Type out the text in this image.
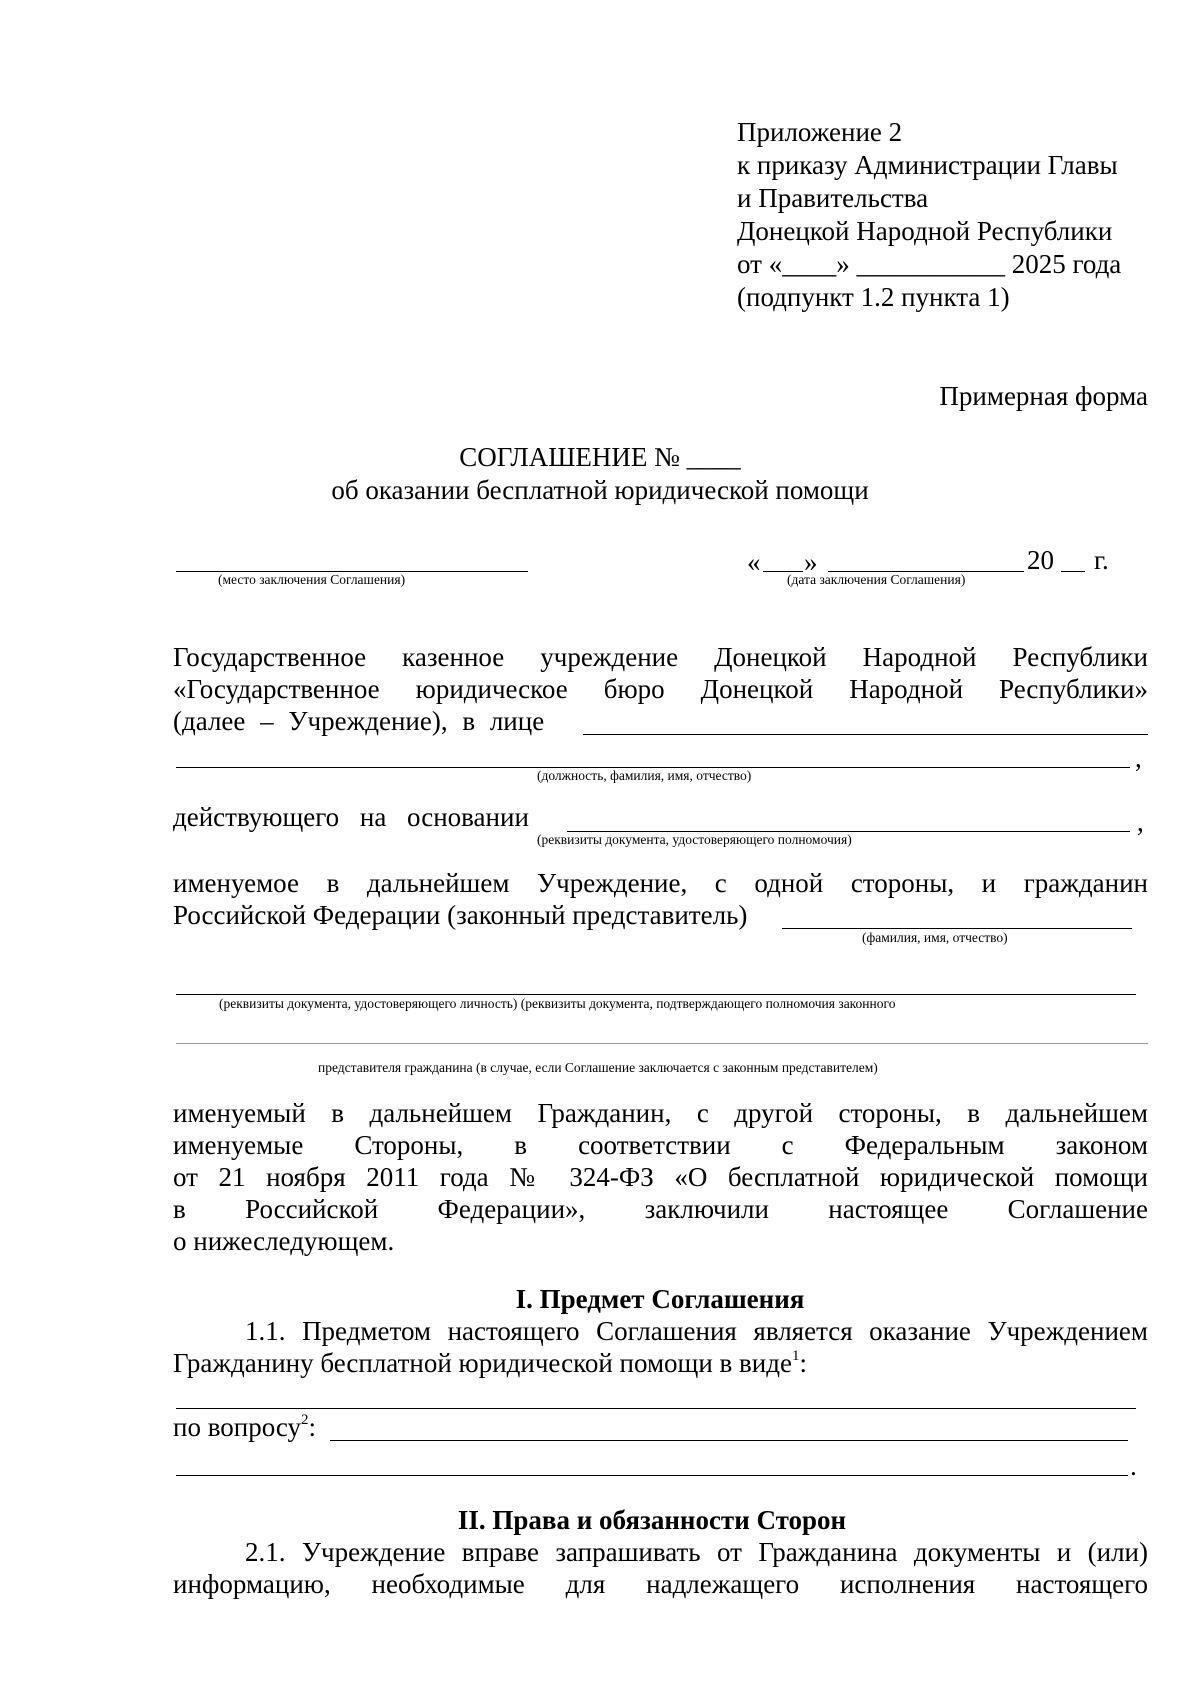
Приложение 2
к приказу Администрации Главы
и Правительства
Донецкой Народной Республики
от «____» ___________ 2025 года
(подпункт 1.2 пункта 1)
Примерная форма
СОГЛАШЕНИЕ № ____
об оказании бесплатной юридической помощи
(место заключения Соглашения)
« »	20 г.
(дата заключения Соглашения)
Государственное казенное учреждение Донецкой Народной Республики
«Государственное юридическое бюро Донецкой Народной Республики»
(далее – Учреждение), в лице
,
(должность, фамилия, имя, отчество)
действующего на основании	,
(реквизиты документа, удостоверяющего полномочия)
именуемое в дальнейшем Учреждение, с одной стороны, и гражданин
Российской Федерации (законный представитель)
(фамилия, имя, отчество)
(реквизиты документа, удостоверяющего личность) (реквизиты документа, подтверждающего полномочия законного
представителя гражданина (в случае, если Соглашение заключается с законным представителем)
именуемый в дальнейшем Гражданин, с другой стороны, в дальнейшем
именуемые Стороны, в соответствии с Федеральным законом
от 21 ноября 2011 года № 324-ФЗ «О бесплатной юридической помощи
в Российской Федерации», заключили настоящее Соглашение
о нижеследующем.
I. Предмет Соглашения
1.1. Предметом настоящего Соглашения является оказание Учреждением
Гражданину бесплатной юридической помощи в виде$^1$:
по вопросу$^2$:
.
II. Права и обязанности Сторон
2.1. Учреждение вправе запрашивать от Гражданина документы и (или)
информацию, необходимые для надлежащего исполнения настоящего
